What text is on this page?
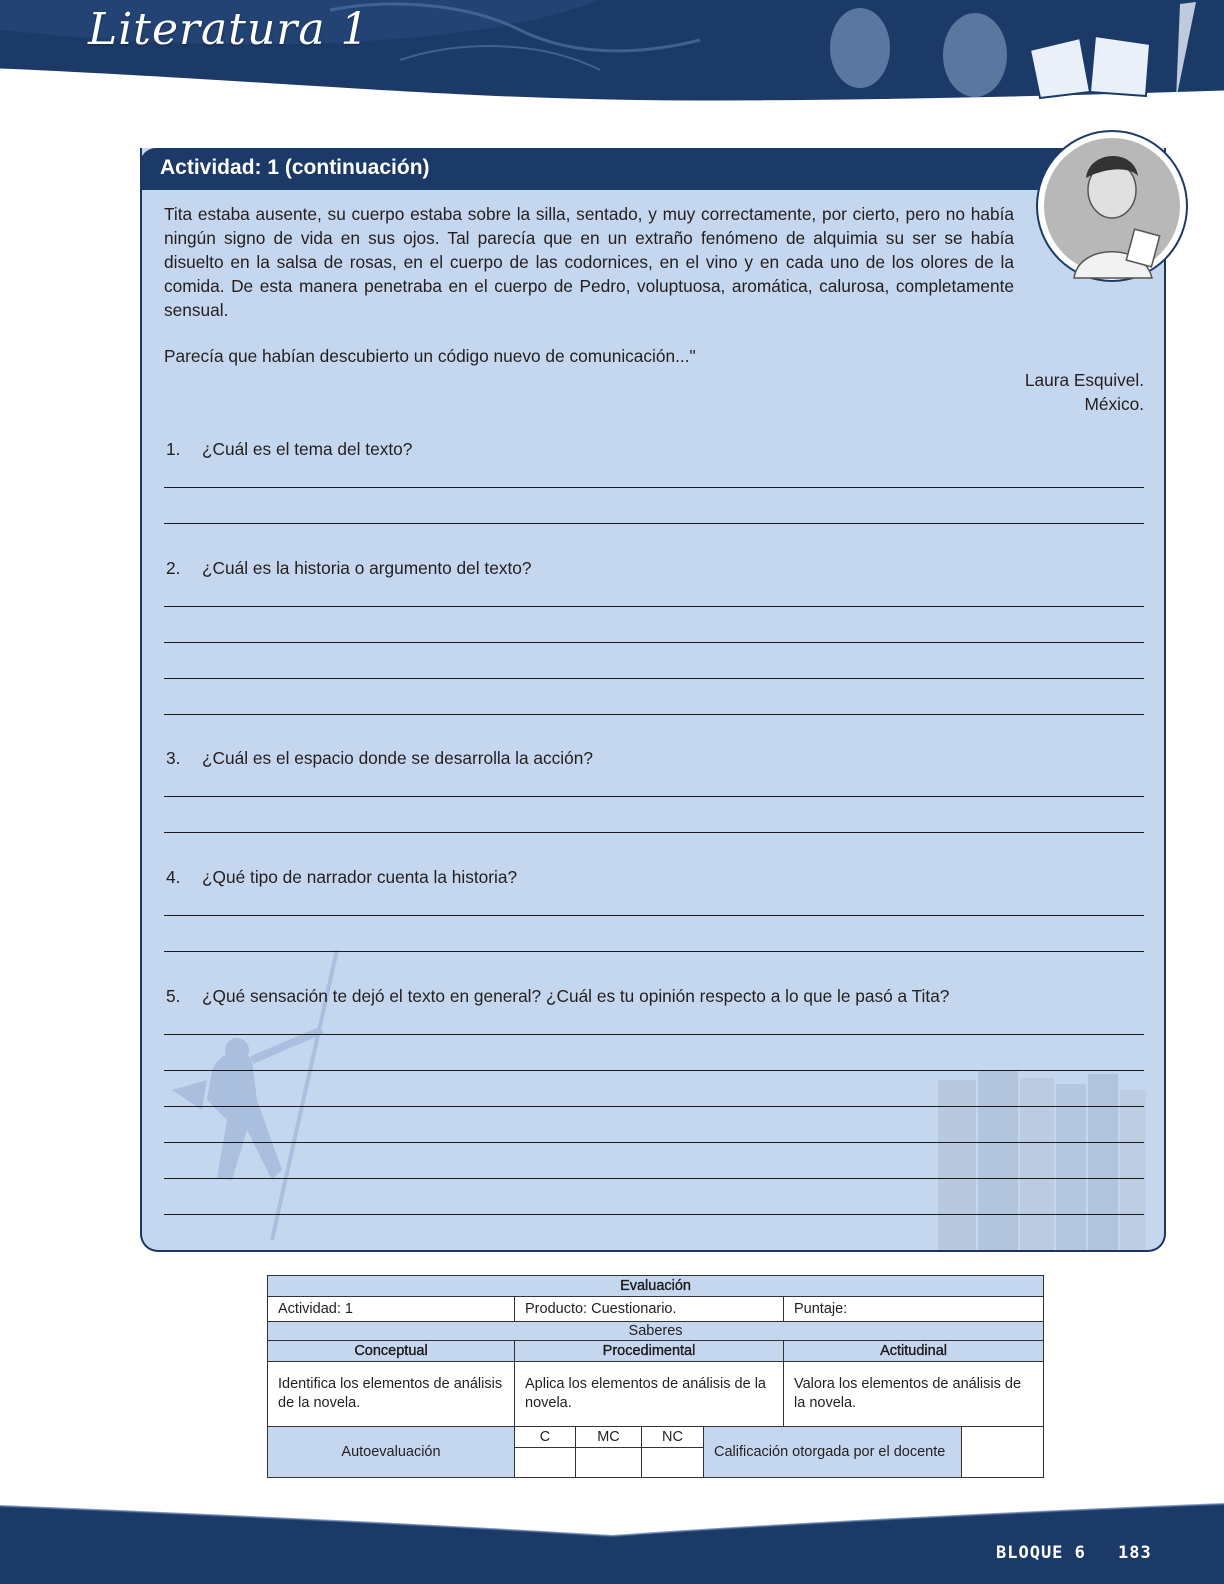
Literatura 1
Actividad: 1 (continuación)

Tita estaba ausente, su cuerpo estaba sobre la silla, sentado, y muy correctamente, por cierto, pero no había ningún signo de vida en sus ojos. Tal parecía que en un extraño fenómeno de alquimia su ser se había disuelto en la salsa de rosas, en el cuerpo de las codornices, en el vino y en cada uno de los olores de la comida. De esta manera penetraba en el cuerpo de Pedro, voluptuosa, aromática, calurosa, completamente sensual.

Parecía que habían descubierto un código nuevo de comunicación..."
Laura Esquivel.
México.
1. ¿Cuál es el tema del texto?
2. ¿Cuál es la historia o argumento del texto?
3. ¿Cuál es el espacio donde se desarrolla la acción?
4. ¿Qué tipo de narrador cuenta la historia?
5. ¿Qué sensación te dejó el texto en general? ¿Cuál es tu opinión respecto a lo que le pasó a Tita?
Evaluación						
Actividad: 1	Producto: Cuestionario.				Puntaje:	
Saberes						
Conceptual	Procedimental				Actitudinal	
Identifica los elementos de análisis de la novela.	Aplica los elementos de análisis de la novela.				Valora los elementos de análisis de la novela.	
Autoevaluación	C	MC	NC	Calificación otorgada por el docente		

BLOQUE 6 183
